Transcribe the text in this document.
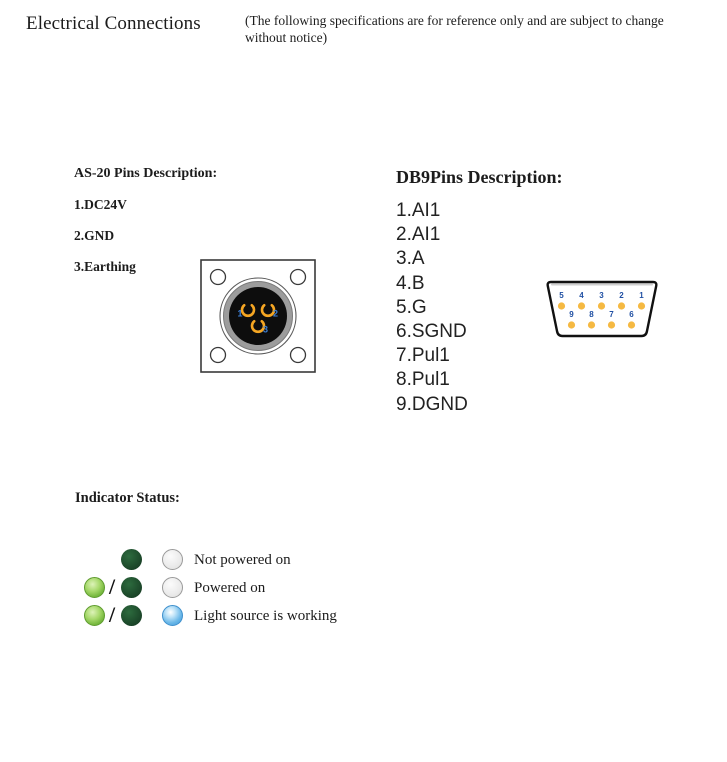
Electrical Connections	(The following specifications are for reference only and are subject to change without notice)
AS-20 Pins Description:
1.DC24V
2.GND
3.Earthing
1	2
3
DB9Pins Description:
1.AI1
2.AI1
3.A
4.B
5.G
6.SGND
7.Pul1
8.Pul1
9.DGND
5 4 3 2 1
9 8 7 6
Indicator Status:
Not powered on
/	Powered on
/	Light source is working
